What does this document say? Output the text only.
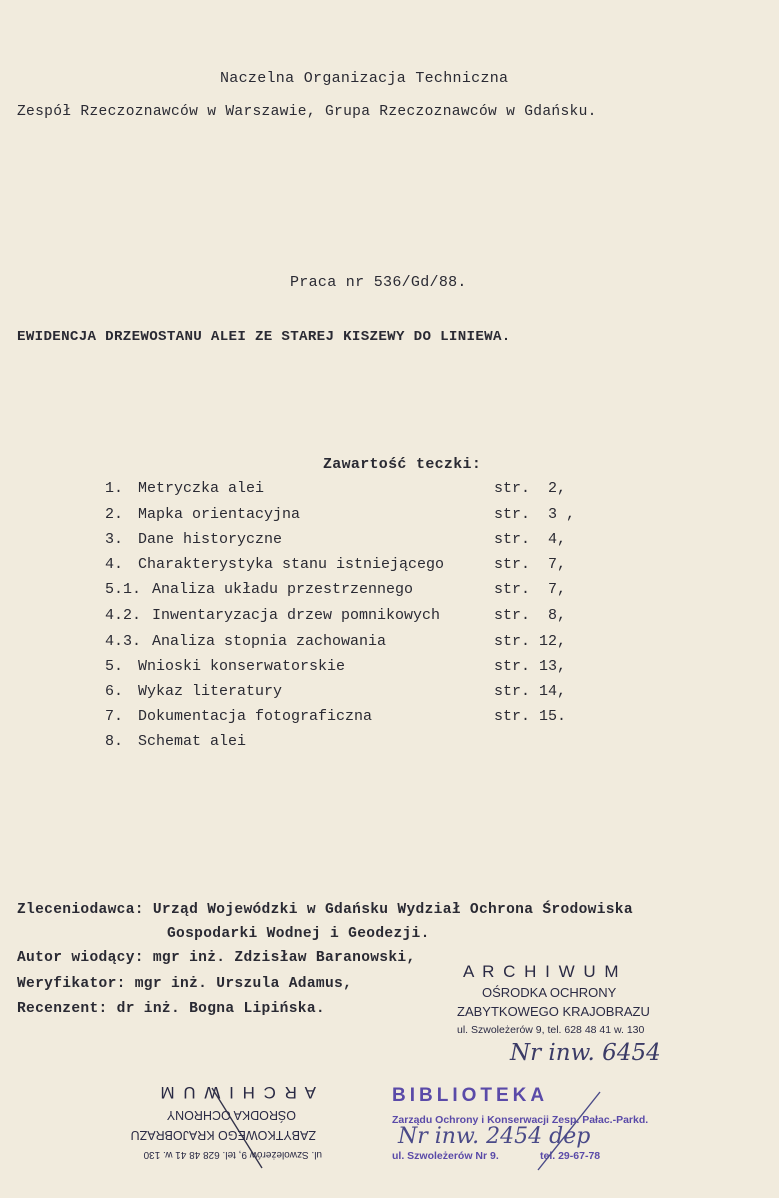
Naczelna Organizacja Techniczna
Zespół Rzeczoznawców w Warszawie, Grupa Rzeczoznawców w Gdańsku.
Praca nr 536/Gd/88.
EWIDENCJA DRZEWOSTANU ALEI ZE STAREJ KISZEWY DO LINIEWA.
Zawartość teczki:
1. Metryczka alei	str.  2,
2. Mapka orientacyjna	str.  3 ,
3. Dane historyczne	str.  4,
4. Charakterystyka stanu istniejącego	str.  7,
5.1. Analiza układu przestrzennego	str.  7,
4.2. Inwentaryzacja drzew pomnikowych	str.  8,
4.3. Analiza stopnia zachowania	str. 12,
5. Wnioski konserwatorskie	str. 13,
6. Wykaz literatury	str. 14,
7. Dokumentacja fotograficzna	str. 15.
8. Schemat alei
Zleceniodawca: Urząd Wojewódzki w Gdańsku Wydział Ochrona Środowiska
Gospodarki Wodnej i Geodezji.
Autor wiodący: mgr inż. Zdzisław Baranowski,
Weryfikator: mgr inż. Urszula Adamus,
Recenzent: dr inż. Bogna Lipińska.
A R C H I W U M
OŚRODKA OCHRONY
ZABYTKOWEGO KRAJOBRAZU
ul. Szwoleżerów 9, tel. 628 48 41 w. 130
Nr inw. 6454
ul. Szwoleżerów 9, tel. 628 48 41 w. 130
ZABYTKOWEGO KRAJOBRAZU
OŚRODKA OCHRONY
A R C H I W U M	BIBLIOTEKA
Zarządu Ochrony i Konserwacji Zesp. Pałac.-Parkd.
Nr inw. 2454 dep
ul. Szwoleżerów Nr 9.	tel. 29-67-78
